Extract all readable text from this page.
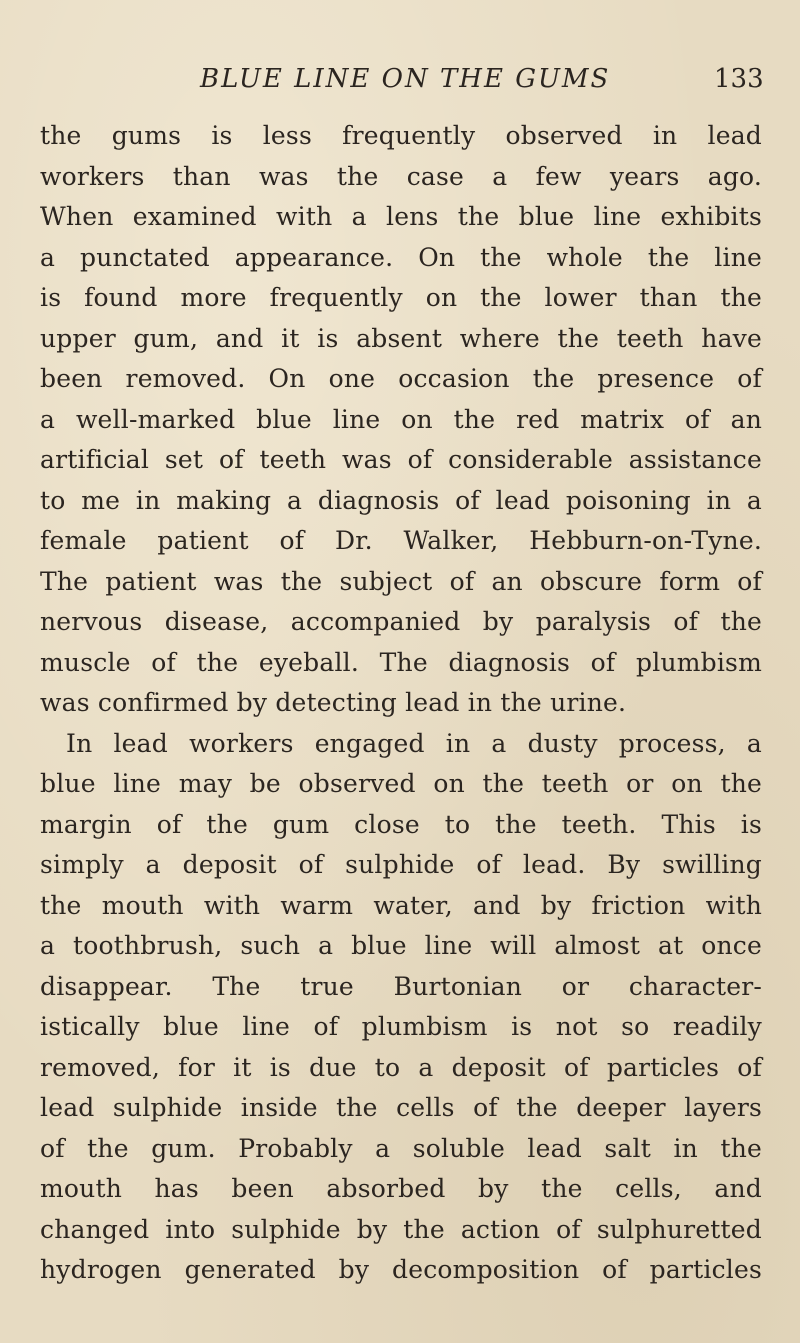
BLUE LINE ON THE GUMS	133
the gums is less frequently observed in lead
workers than was the case a few years ago.
When examined with a lens the blue line exhibits
a punctated appearance. On the whole the line
is found more frequently on the lower than the
upper gum, and it is absent where the teeth have
been removed. On one occasion the presence of
a well-marked blue line on the red matrix of an
artificial set of teeth was of considerable assistance
to me in making a diagnosis of lead poisoning in a
female patient of Dr. Walker, Hebburn-on-Tyne.
The patient was the subject of an obscure form of
nervous disease, accompanied by paralysis of the
muscle of the eyeball. The diagnosis of plumbism
was confirmed by detecting lead in the urine.
In lead workers engaged in a dusty process, a
blue line may be observed on the teeth or on the
margin of the gum close to the teeth. This is
simply a deposit of sulphide of lead. By swilling
the mouth with warm water, and by friction with
a toothbrush, such a blue line will almost at once
disappear. The true Burtonian or character-
istically blue line of plumbism is not so readily
removed, for it is due to a deposit of particles of
lead sulphide inside the cells of the deeper layers
of the gum. Probably a soluble lead salt in the
mouth has been absorbed by the cells, and
changed into sulphide by the action of sulphuretted
hydrogen generated by decomposition of particles
